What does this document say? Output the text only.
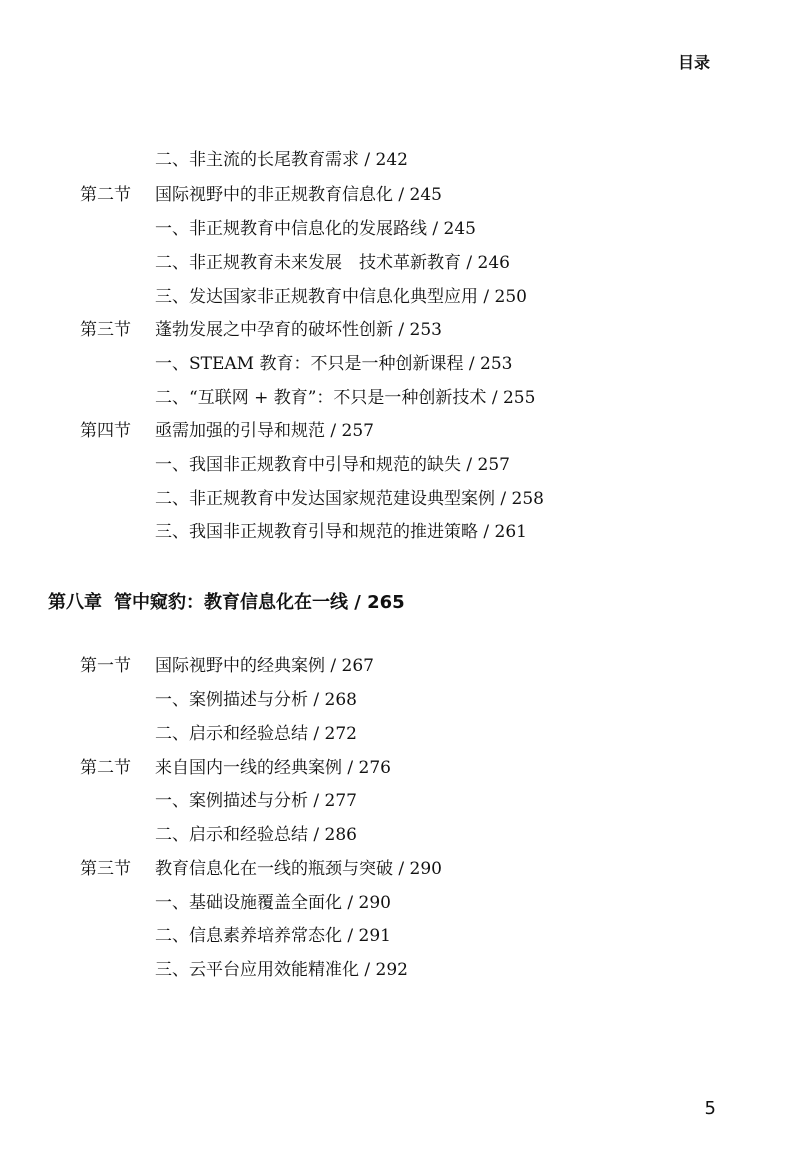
目录
二、非主流的长尾教育需求 / 242
第二节 国际视野中的非正规教育信息化 / 245
一、非正规教育中信息化的发展路线 / 245
二、非正规教育未来发展　技术革新教育 / 246
三、发达国家非正规教育中信息化典型应用 / 250
第三节 蓬勃发展之中孕育的破坏性创新 / 253
一、STEAM 教育：不只是一种创新课程 / 253
二、“互联网 + 教育”：不只是一种创新技术 / 255
第四节 亟需加强的引导和规范 / 257
一、我国非正规教育中引导和规范的缺失 / 257
二、非正规教育中发达国家规范建设典型案例 / 258
三、我国非正规教育引导和规范的推进策略 / 261
第八章 管中窥豹：教育信息化在一线 / 265
第一节 国际视野中的经典案例 / 267
一、案例描述与分析 / 268
二、启示和经验总结 / 272
第二节 来自国内一线的经典案例 / 276
一、案例描述与分析 / 277
二、启示和经验总结 / 286
第三节 教育信息化在一线的瓶颈与突破 / 290
一、基础设施覆盖全面化 / 290
二、信息素养培养常态化 / 291
三、云平台应用效能精准化 / 292
5
